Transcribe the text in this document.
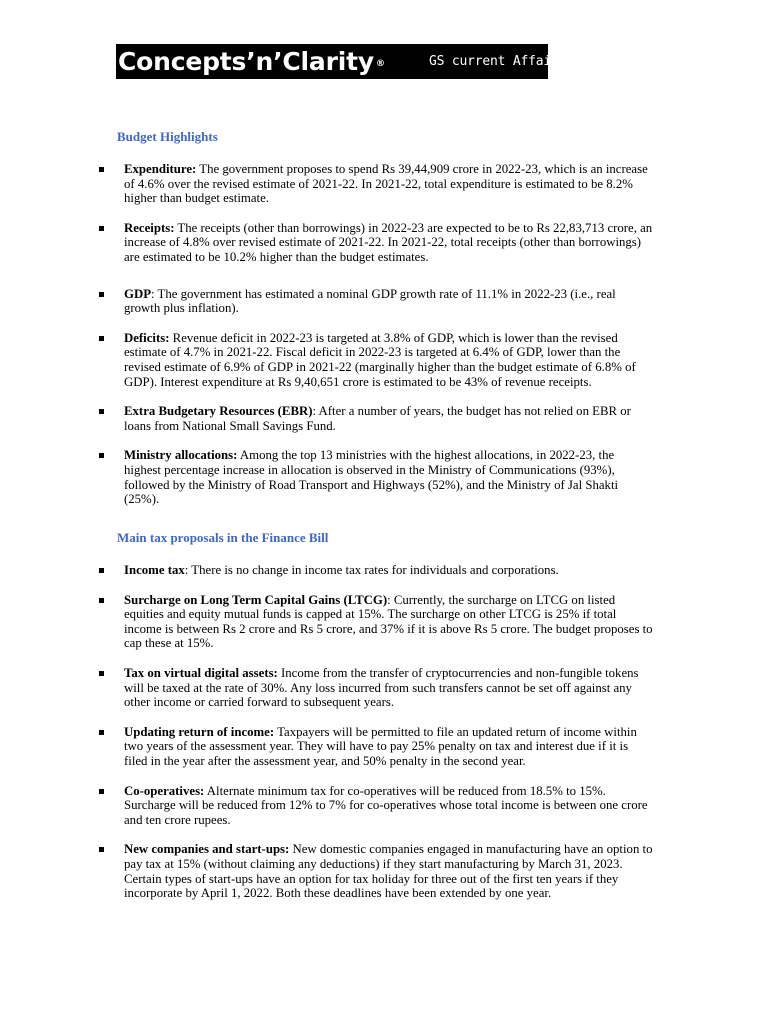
Concepts’n’Clarity ®	GS current Affairs
Budget Highlights
Expenditure: The government proposes to spend Rs 39,44,909 crore in 2022-23, which is an increase of 4.6% over the revised estimate of 2021-22. In 2021-22, total expenditure is estimated to be 8.2% higher than budget estimate.
Receipts: The receipts (other than borrowings) in 2022-23 are expected to be to Rs 22,83,713 crore, an increase of 4.8% over revised estimate of 2021-22. In 2021-22, total receipts (other than borrowings) are estimated to be 10.2% higher than the budget estimates.
GDP: The government has estimated a nominal GDP growth rate of 11.1% in 2022-23 (i.e., real growth plus inflation).
Deficits: Revenue deficit in 2022-23 is targeted at 3.8% of GDP, which is lower than the revised estimate of 4.7% in 2021-22. Fiscal deficit in 2022-23 is targeted at 6.4% of GDP, lower than the revised estimate of 6.9% of GDP in 2021-22 (marginally higher than the budget estimate of 6.8% of GDP). Interest expenditure at Rs 9,40,651 crore is estimated to be 43% of revenue receipts.
Extra Budgetary Resources (EBR): After a number of years, the budget has not relied on EBR or loans from National Small Savings Fund.
Ministry allocations: Among the top 13 ministries with the highest allocations, in 2022-23, the highest percentage increase in allocation is observed in the Ministry of Communications (93%), followed by the Ministry of Road Transport and Highways (52%), and the Ministry of Jal Shakti (25%).
Main tax proposals in the Finance Bill
Income tax: There is no change in income tax rates for individuals and corporations.
Surcharge on Long Term Capital Gains (LTCG): Currently, the surcharge on LTCG on listed equities and equity mutual funds is capped at 15%. The surcharge on other LTCG is 25% if total income is between Rs 2 crore and Rs 5 crore, and 37% if it is above Rs 5 crore. The budget proposes to cap these at 15%.
Tax on virtual digital assets: Income from the transfer of cryptocurrencies and non-fungible tokens will be taxed at the rate of 30%. Any loss incurred from such transfers cannot be set off against any other income or carried forward to subsequent years.
Updating return of income: Taxpayers will be permitted to file an updated return of income within two years of the assessment year. They will have to pay 25% penalty on tax and interest due if it is filed in the year after the assessment year, and 50% penalty in the second year.
Co-operatives: Alternate minimum tax for co-operatives will be reduced from 18.5% to 15%. Surcharge will be reduced from 12% to 7% for co-operatives whose total income is between one crore and ten crore rupees.
New companies and start-ups: New domestic companies engaged in manufacturing have an option to pay tax at 15% (without claiming any deductions) if they start manufacturing by March 31, 2023. Certain types of start-ups have an option for tax holiday for three out of the first ten years if they incorporate by April 1, 2022. Both these deadlines have been extended by one year.
